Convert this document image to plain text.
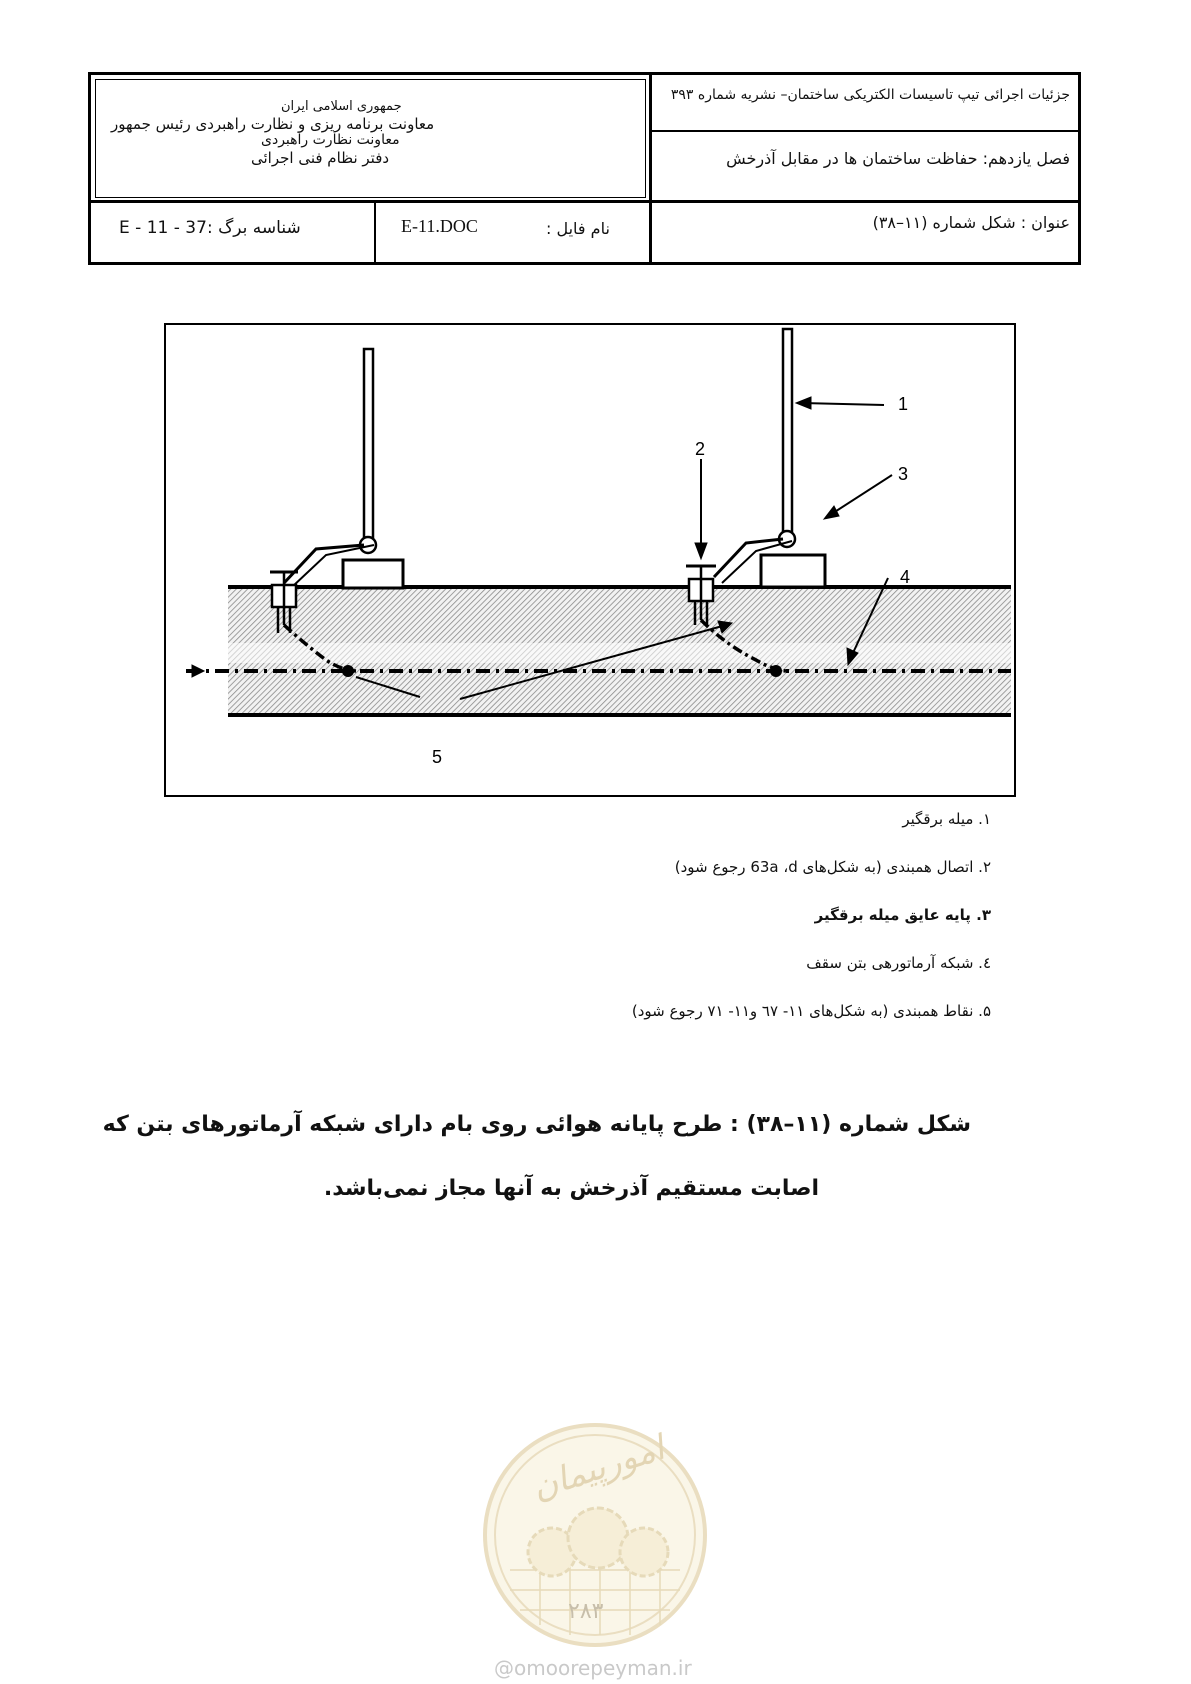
جزئیات اجرائی تیپ تاسیسات الکتریکی ساختمان– نشریه شماره ۳۹۳
فصل یازدهم: حفاظت ساختمان ها در مقابل آذرخش
عنوان : شکل شماره (۱۱–۳۸)
جمهوری اسلامی ایران
معاونت برنامه ریزی و نظارت راهبردی رئیس جمهور
معاونت نظارت راهبردی
دفتر نظام فنی اجرائی
E-11.DOC	نام فایل :
شناسه برگ :37 - 11 - E
1
2
3
4
5
۱. میله برقگیر
۲. اتصال همبندی (به شکل‌های 63a ،d رجوع شود)
۳. پایه عایق میله برقگیر
٤. شبکه آرماتورهی بتن سقف
۵. نقاط همبندی (به شکل‌های ۱۱- ٦۷ و۱۱- ۷۱ رجوع شود)
شکل شماره (۱۱–۳۸) : طرح پایانه هوائی روی بام دارای شبکه آرماتورهای بتن که
اصابت مستقیم آذرخش به آنها مجاز نمی‌باشد.
امورپیمان
۲۸۳
@omoorepeyman.ir
